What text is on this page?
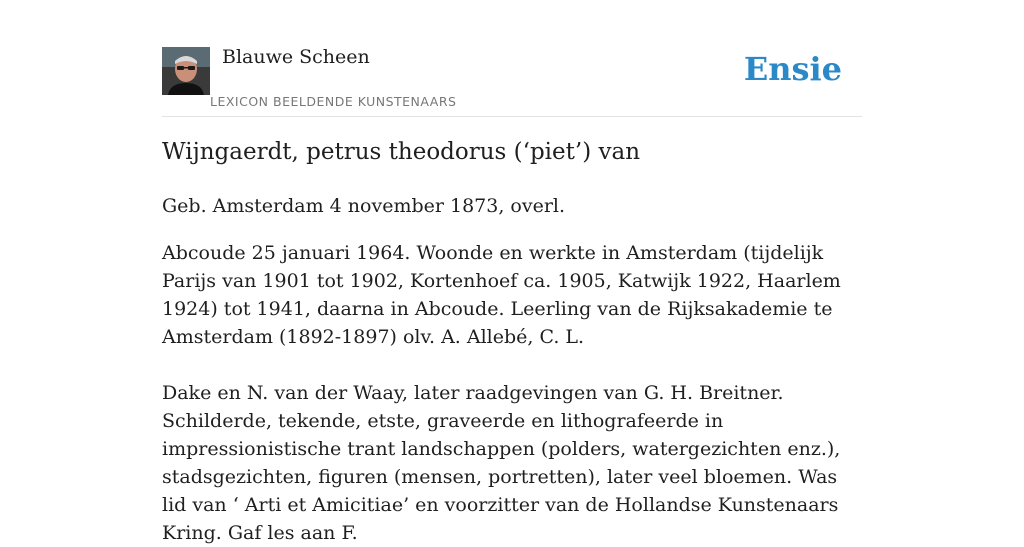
Blauwe Scheen
LEXICON BEELDENDE KUNSTENAARS
Ensie
Wijngaerdt, petrus theodorus (‘piet’) van

Geb. Amsterdam 4 november 1873, overl.

Abcoude 25 januari 1964. Woonde en werkte in Amsterdam (tijdelijk Parijs van 1901 tot 1902, Kortenhoef ca. 1905, Katwijk 1922, Haarlem 1924) tot 1941, daarna in Abcoude. Leerling van de Rijksakademie te Amsterdam (1892-1897) olv. A. Allebé, C. L.

Dake en N. van der Waay, later raadgevingen van G. H. Breitner. Schilderde, tekende, etste, graveerde en lithografeerde in impressionistische trant landschappen (polders, watergezichten enz.), stadsgezichten, figuren (mensen, portretten), later veel bloemen. Was lid van ‘ Arti et Amicitiae’ en voorzitter van de Hollandse Kunstenaars Kring. Gaf les aan F.
